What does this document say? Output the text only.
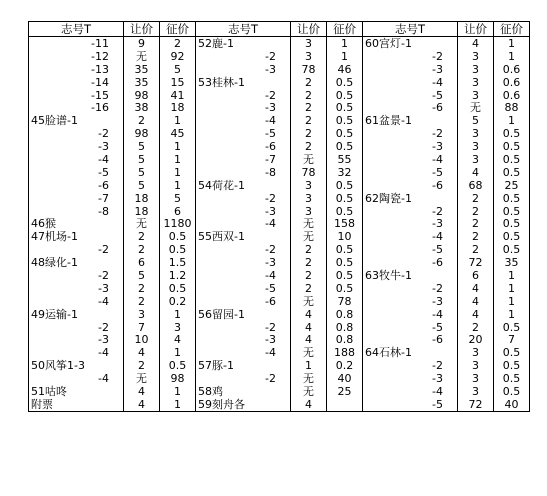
志号T	让价	征价	志号T	让价	征价	志号T	让价	征价
-11	9	2	52鹿-1	3	1	60宫灯-1	4	1
-12	无	92	-2	3	1	-2	3	1
-13	35	5	-3	78	46	-3	3	0.6
-14	35	15	53桂林-1	2	0.5	-4	3	0.6
-15	98	41	-2	2	0.5	-5	3	0.6
-16	38	18	-3	2	0.5	-6	无	88
45脸谱-1	2	1	-4	2	0.5	61盆景-1	5	1
-2	98	45	-5	2	0.5	-2	3	0.5
-3	5	1	-6	2	0.5	-3	3	0.5
-4	5	1	-7	无	55	-4	3	0.5
-5	5	1	-8	78	32	-5	4	0.5
-6	5	1	54荷花-1	3	0.5	-6	68	25
-7	18	5	-2	3	0.5	62陶瓷-1	2	0.5
-8	18	6	-3	3	0.5	-2	2	0.5
46猴	无	1180	-4	无	158	-3	2	0.5
47机场-1	2	0.5	55西双-1	无	10	-4	2	0.5
-2	2	0.5	-2	2	0.5	-5	2	0.5
48绿化-1	6	1.5	-3	2	0.5	-6	72	35
-2	5	1.2	-4	2	0.5	63牧牛-1	6	1
-3	2	0.5	-5	2	0.5	-2	4	1
-4	2	0.2	-6	无	78	-3	4	1
49运输-1	3	1	56留园-1	4	0.8	-4	4	1
-2	7	3	-2	4	0.8	-5	2	0.5
-3	10	4	-3	4	0.8	-6	20	7
-4	4	1	-4	无	188	64石林-1	3	0.5
50风筝1-3	2	0.5	57豚-1	1	0.2	-2	3	0.5
-4	无	98	-2	无	40	-3	3	0.5
51咕咚	4	1	58鸡	无	25	-4	3	0.5
附票	4	1	59刻舟各	4		-5	72	40
